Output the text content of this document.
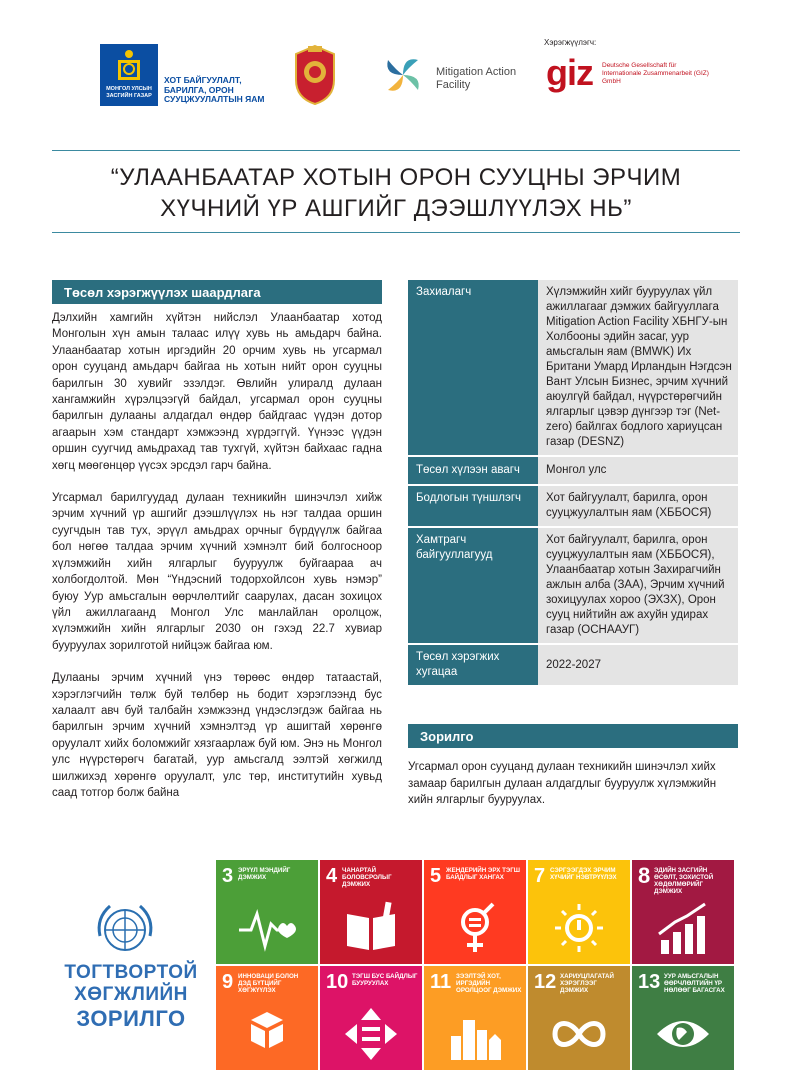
МОНГОЛ УЛСЫН ЗАСГИЙН ГАЗАР
ХОТ БАЙГУУЛАЛТ, БАРИЛГА, ОРОН СУУЦЖУУЛАЛТЫН ЯАМ
Mitigation Action Facility
Хэрэгжүүлэгч:
giz Deutsche Gesellschaft für Internationale Zusammenarbeit (GIZ) GmbH
“УЛААНБААТАР ХОТЫН ОРОН СУУЦНЫ ЭРЧИМ
ХҮЧНИЙ ҮР АШГИЙГ ДЭЭШЛҮҮЛЭХ НЬ”
Төсөл хэрэгжүүлэх шаардлага

Дэлхийн хамгийн хүйтэн нийслэл Улаанбаатар хотод Монголын хүн амын талаас илүү хувь нь амьдарч байна. Улаанбаатар хотын иргэдийн 20 орчим хувь нь угсармал орон сууцанд амьдарч байгаа нь хотын нийт орон сууцны барилгын 30 хувийг эзэлдэг. Өвлийн улиралд дулаан хангамжийн хүрэлцээгүй байдал, угсармал орон сууцны барилгын дулааны алдагдал өндөр байдгаас үүдэн дотор агаарын хэм стандарт хэмжээнд хүрдэггүй. Үүнээс үүдэн оршин суугчид амьдрахад тав тухгүй, хүйтэн байхаас гадна хөгц мөөгөнцөр үүсэх эрсдэл гарч байна.

Угсармал барилгуудад дулаан техникийн шинэчлэл хийж эрчим хүчний үр ашгийг дээшлүүлэх нь нэг талдаа оршин суугчдын тав тух, эрүүл амьдрах орчныг бүрдүүлж байгаа бол нөгөө талдаа эрчим хүчний хэмнэлт бий болгосноор хүлэмжийн хийн ялгарлыг бууруулж буйгаараа ач холбогдолтой. Мөн “Үндэсний тодорхойлсон хувь нэмэр” буюу Уур амьсгалын өөрчлөлтийг саарулах, дасан зохицох үйл ажиллагаанд Монгол Улс манлайлан оролцож, хүлэмжийн хийн ялгарлыг 2030 он гэхэд 22.7 хувиар бууруулах зорилготой нийцэж байгаа юм.

Дулааны эрчим хүчний үнэ төрөөс өндөр татаастай, хэрэглэгчийн төлж буй төлбөр нь бодит хэрэглээнд бус халаалт авч буй талбайн хэмжээнд үндэслэгдэж байгаа нь барилгын эрчим хүчний хэмнэлтэд үр ашигтай хөрөнгө оруулалт хийх боломжийг хязгаарлаж буй юм. Энэ нь Монгол улс нүүрстөрөгч багатай, уур амьсгалд ээлтэй хөгжилд шилжихэд хөрөнгө оруулалт, улс төр, институтийн хувьд саад тотгор болж байна

Захиалагч	Хүлэмжийн хийг бууруулах үйл ажиллагааг дэмжих байгууллага Mitigation Action Facility ХБНГУ-ын Холбооны эдийн засаг, уур амьсгалын яам (BMWK) Их Британи Умард Ирландын Нэгдсэн Вант Улсын Бизнес, эрчим хүчний аюулгүй байдал, нүүрстөрөгчийн ялгарлыг цэвэр дүнгээр тэг (Net-zero) байлгах бодлого хариуцсан газар (DESNZ)
Төсөл хүлээн авагч	Монгол улс
Бодлогын түншлэгч	Хот байгуулалт, барилга, орон сууцжуулалтын яам (ХББОСЯ)
Хамтрагч байгууллагууд	Хот байгуулалт, барилга, орон сууцжуулалтын яам (ХББОСЯ), Улаанбаатар хотын Захирагчийн ажлын алба (ЗАА), Эрчим хүчний зохицуулах хороо (ЭХЗХ), Орон сууц нийтийн аж ахуйн удирах газар (ОСНААУГ)
Төсөл хэрэгжих хугацаа	2022-2027
Зорилго
Угсармал орон сууцанд дулаан техникийн шинэчлэл хийх замаар барилгын дулаан алдагдлыг бууруулж хүлэмжийн хийн ялгарлыг бууруулах.
ТОГТВОРТОЙ
ХӨГЖЛИЙН
ЗОРИЛГО
3 ЭРҮҮЛ МЭНДИЙГ ДЭМЖИХ	4 ЧАНАРТАЙ БОЛОВСРОЛЫГ ДЭМЖИХ	5 ЖЕНДЕРИЙН ЭРХ ТЭГШ БАЙДЛЫГ ХАНГАХ	7 СЭРГЭЭГДЭХ ЭРЧИМ ХҮЧИЙГ НЭВТРҮҮЛЭХ 8 ЭДИЙН ЗАСГИЙН ӨСӨЛТ, ЗОХИСТОЙ ХӨДӨЛМӨРИЙГ ДЭМЖИХ
9 ИННОВАЦИ БОЛОН ДЭД БҮТЦИЙГ ХӨГЖҮҮЛЭХ	10 ТЭГШ БУС БАЙДЛЫГ БУУРУУЛАХ	11 ЗЭЭЛТЭЙ ХОТ, ИРГЭДИЙН ОРОЛЦООГ ДЭМЖИХ 12 ХАРИУЦЛАГАТАЙ ХЭРЭГЛЭЭГ ДЭМЖИХ	13 УУР АМЬСГАЛЫН ӨӨРЧЛӨЛТИЙН ҮР НӨЛӨӨГ БАГАСГАХ
